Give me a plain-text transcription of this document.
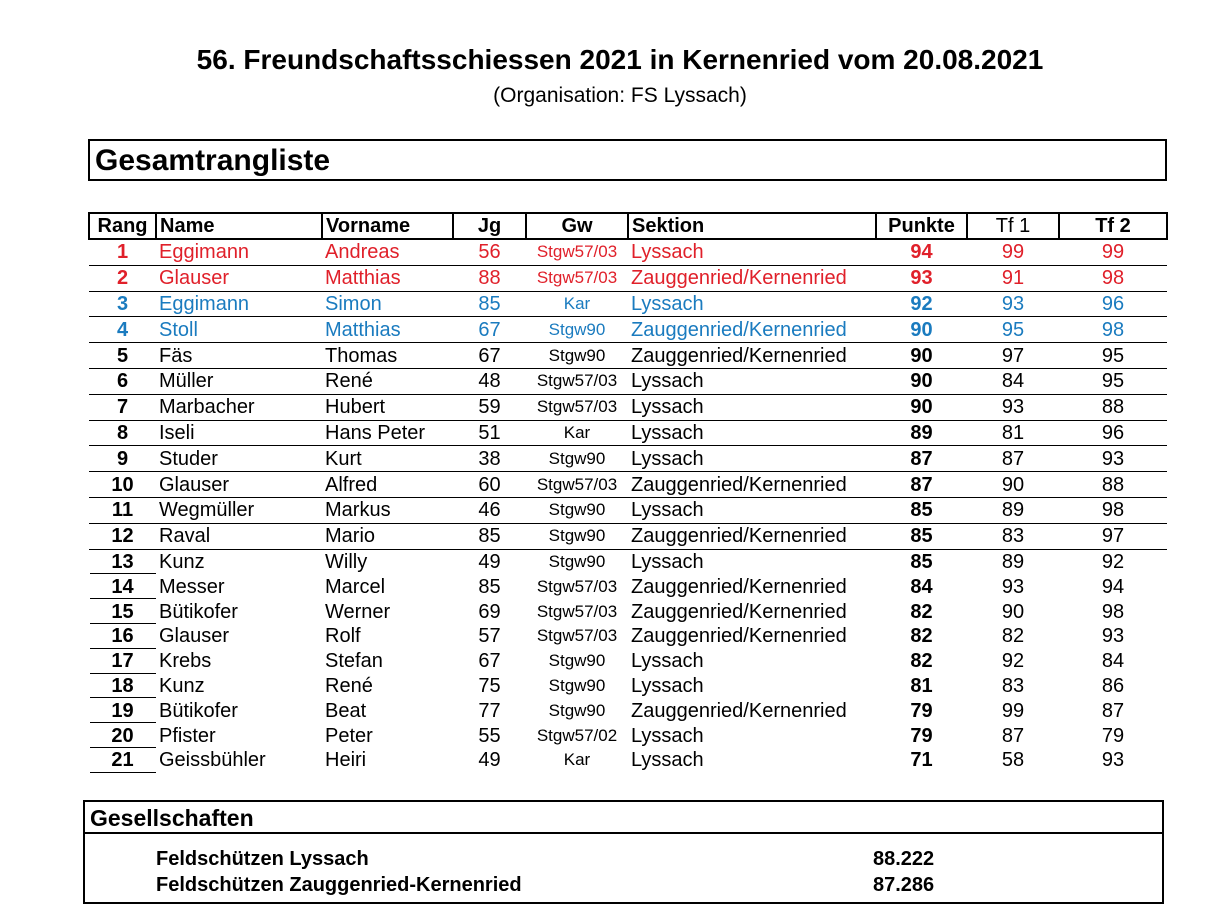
56. Freundschaftsschiessen 2021 in Kernenried vom 20.08.2021
(Organisation: FS Lyssach)
Gesamtrangliste
Rang	Name	Vorname	Jg	Gw	Sektion	Punkte	Tf 1	Tf 2
1	Eggimann	Andreas	56	Stgw57/03	Lyssach	94	99	99
2	Glauser	Matthias	88	Stgw57/03	Zauggenried/Kernenried	93	91	98
3	Eggimann	Simon	85	Kar	Lyssach	92	93	96
4	Stoll	Matthias	67	Stgw90	Zauggenried/Kernenried	90	95	98
5	Fäs	Thomas	67	Stgw90	Zauggenried/Kernenried	90	97	95
6	Müller	René	48	Stgw57/03	Lyssach	90	84	95
7	Marbacher	Hubert	59	Stgw57/03	Lyssach	90	93	88
8	Iseli	Hans Peter	51	Kar	Lyssach	89	81	96
9	Studer	Kurt	38	Stgw90	Lyssach	87	87	93
10	Glauser	Alfred	60	Stgw57/03	Zauggenried/Kernenried	87	90	88
11	Wegmüller	Markus	46	Stgw90	Lyssach	85	89	98
12	Raval	Mario	85	Stgw90	Zauggenried/Kernenried	85	83	97
13	Kunz	Willy	49	Stgw90	Lyssach	85	89	92
14	Messer	Marcel	85	Stgw57/03	Zauggenried/Kernenried	84	93	94
15	Bütikofer	Werner	69	Stgw57/03	Zauggenried/Kernenried	82	90	98
16	Glauser	Rolf	57	Stgw57/03	Zauggenried/Kernenried	82	82	93
17	Krebs	Stefan	67	Stgw90	Lyssach	82	92	84
18	Kunz	René	75	Stgw90	Lyssach	81	83	86
19	Bütikofer	Beat	77	Stgw90	Zauggenried/Kernenried	79	99	87
20	Pfister	Peter	55	Stgw57/02	Lyssach	79	87	79
21	Geissbühler	Heiri	49	Kar	Lyssach	71	58	93
Gesellschaften
Feldschützen Lyssach	88.222
Feldschützen Zauggenried-Kernenried	87.286
